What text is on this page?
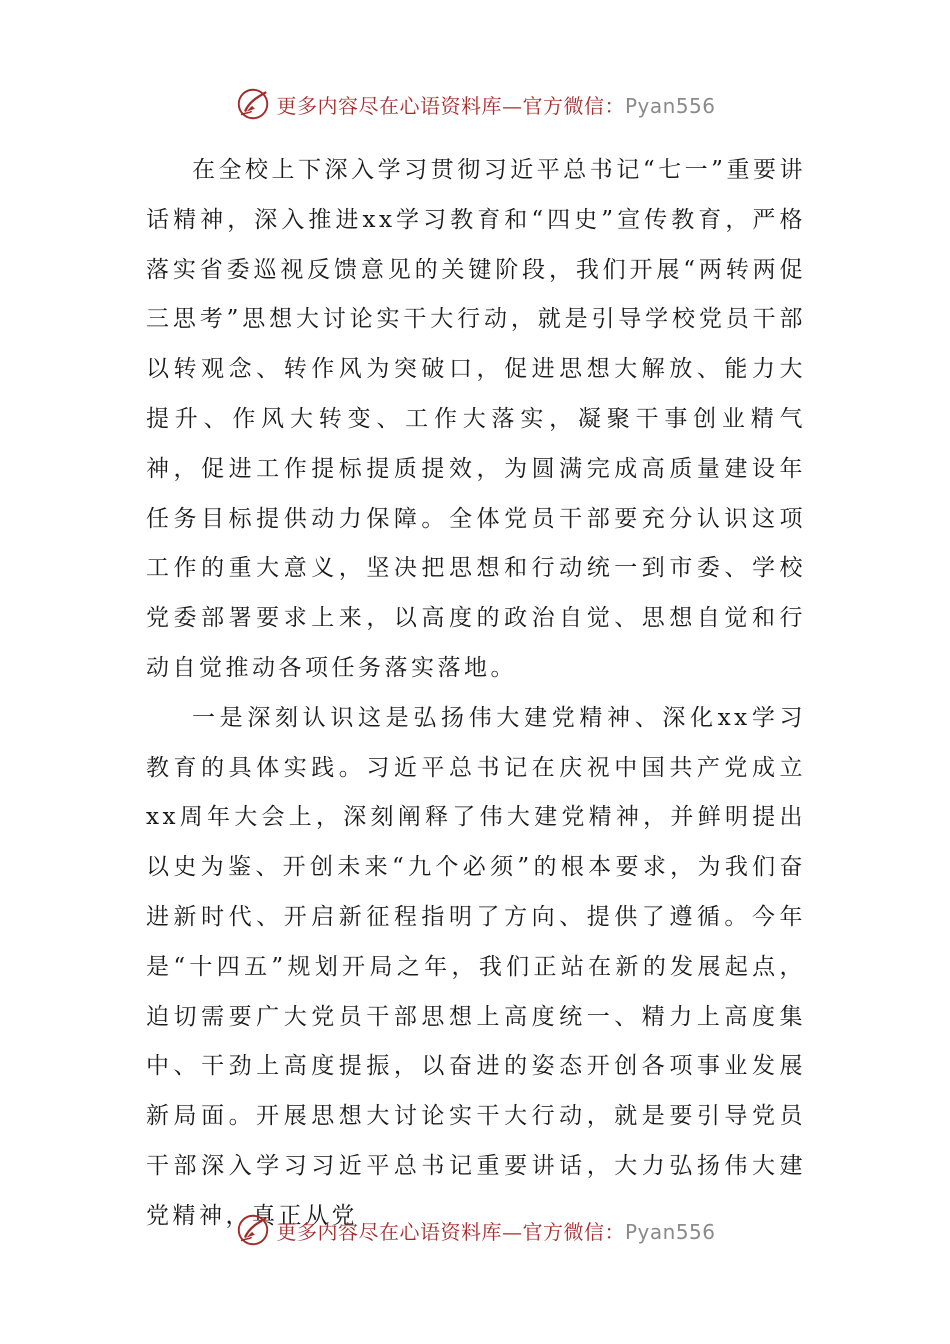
更多内容尽在心语资料库—官方微信：Pyan556

在全校上下深入学习贯彻习近平总书记“七一”重要讲话精神，深入推进xx学习教育和“四史”宣传教育，严格落实省委巡视反馈意见的关键阶段，我们开展“两转两促三思考”思想大讨论实干大行动，就是引导学校党员干部以转观念、转作风为突破口，促进思想大解放、能力大提升、作风大转变、工作大落实，凝聚干事创业精气神，促进工作提标提质提效，为圆满完成高质量建设年任务目标提供动力保障。全体党员干部要充分认识这项工作的重大意义，坚决把思想和行动统一到市委、学校党委部署要求上来，以高度的政治自觉、思想自觉和行动自觉推动各项任务落实落地。

一是深刻认识这是弘扬伟大建党精神、深化xx学习教育的具体实践。习近平总书记在庆祝中国共产党成立xx周年大会上，深刻阐释了伟大建党精神，并鲜明提出以史为鉴、开创未来“九个必须”的根本要求，为我们奋进新时代、开启新征程指明了方向、提供了遵循。今年是“十四五”规划开局之年，我们正站在新的发展起点，迫切需要广大党员干部思想上高度统一、精力上高度集中、干劲上高度提振，以奋进的姿态开创各项事业发展新局面。开展思想大讨论实干大行动，就是要引导党员干部深入学习习近平总书记重要讲话，大力弘扬伟大建党精神，真正从党

更多内容尽在心语资料库—官方微信：Pyan556
